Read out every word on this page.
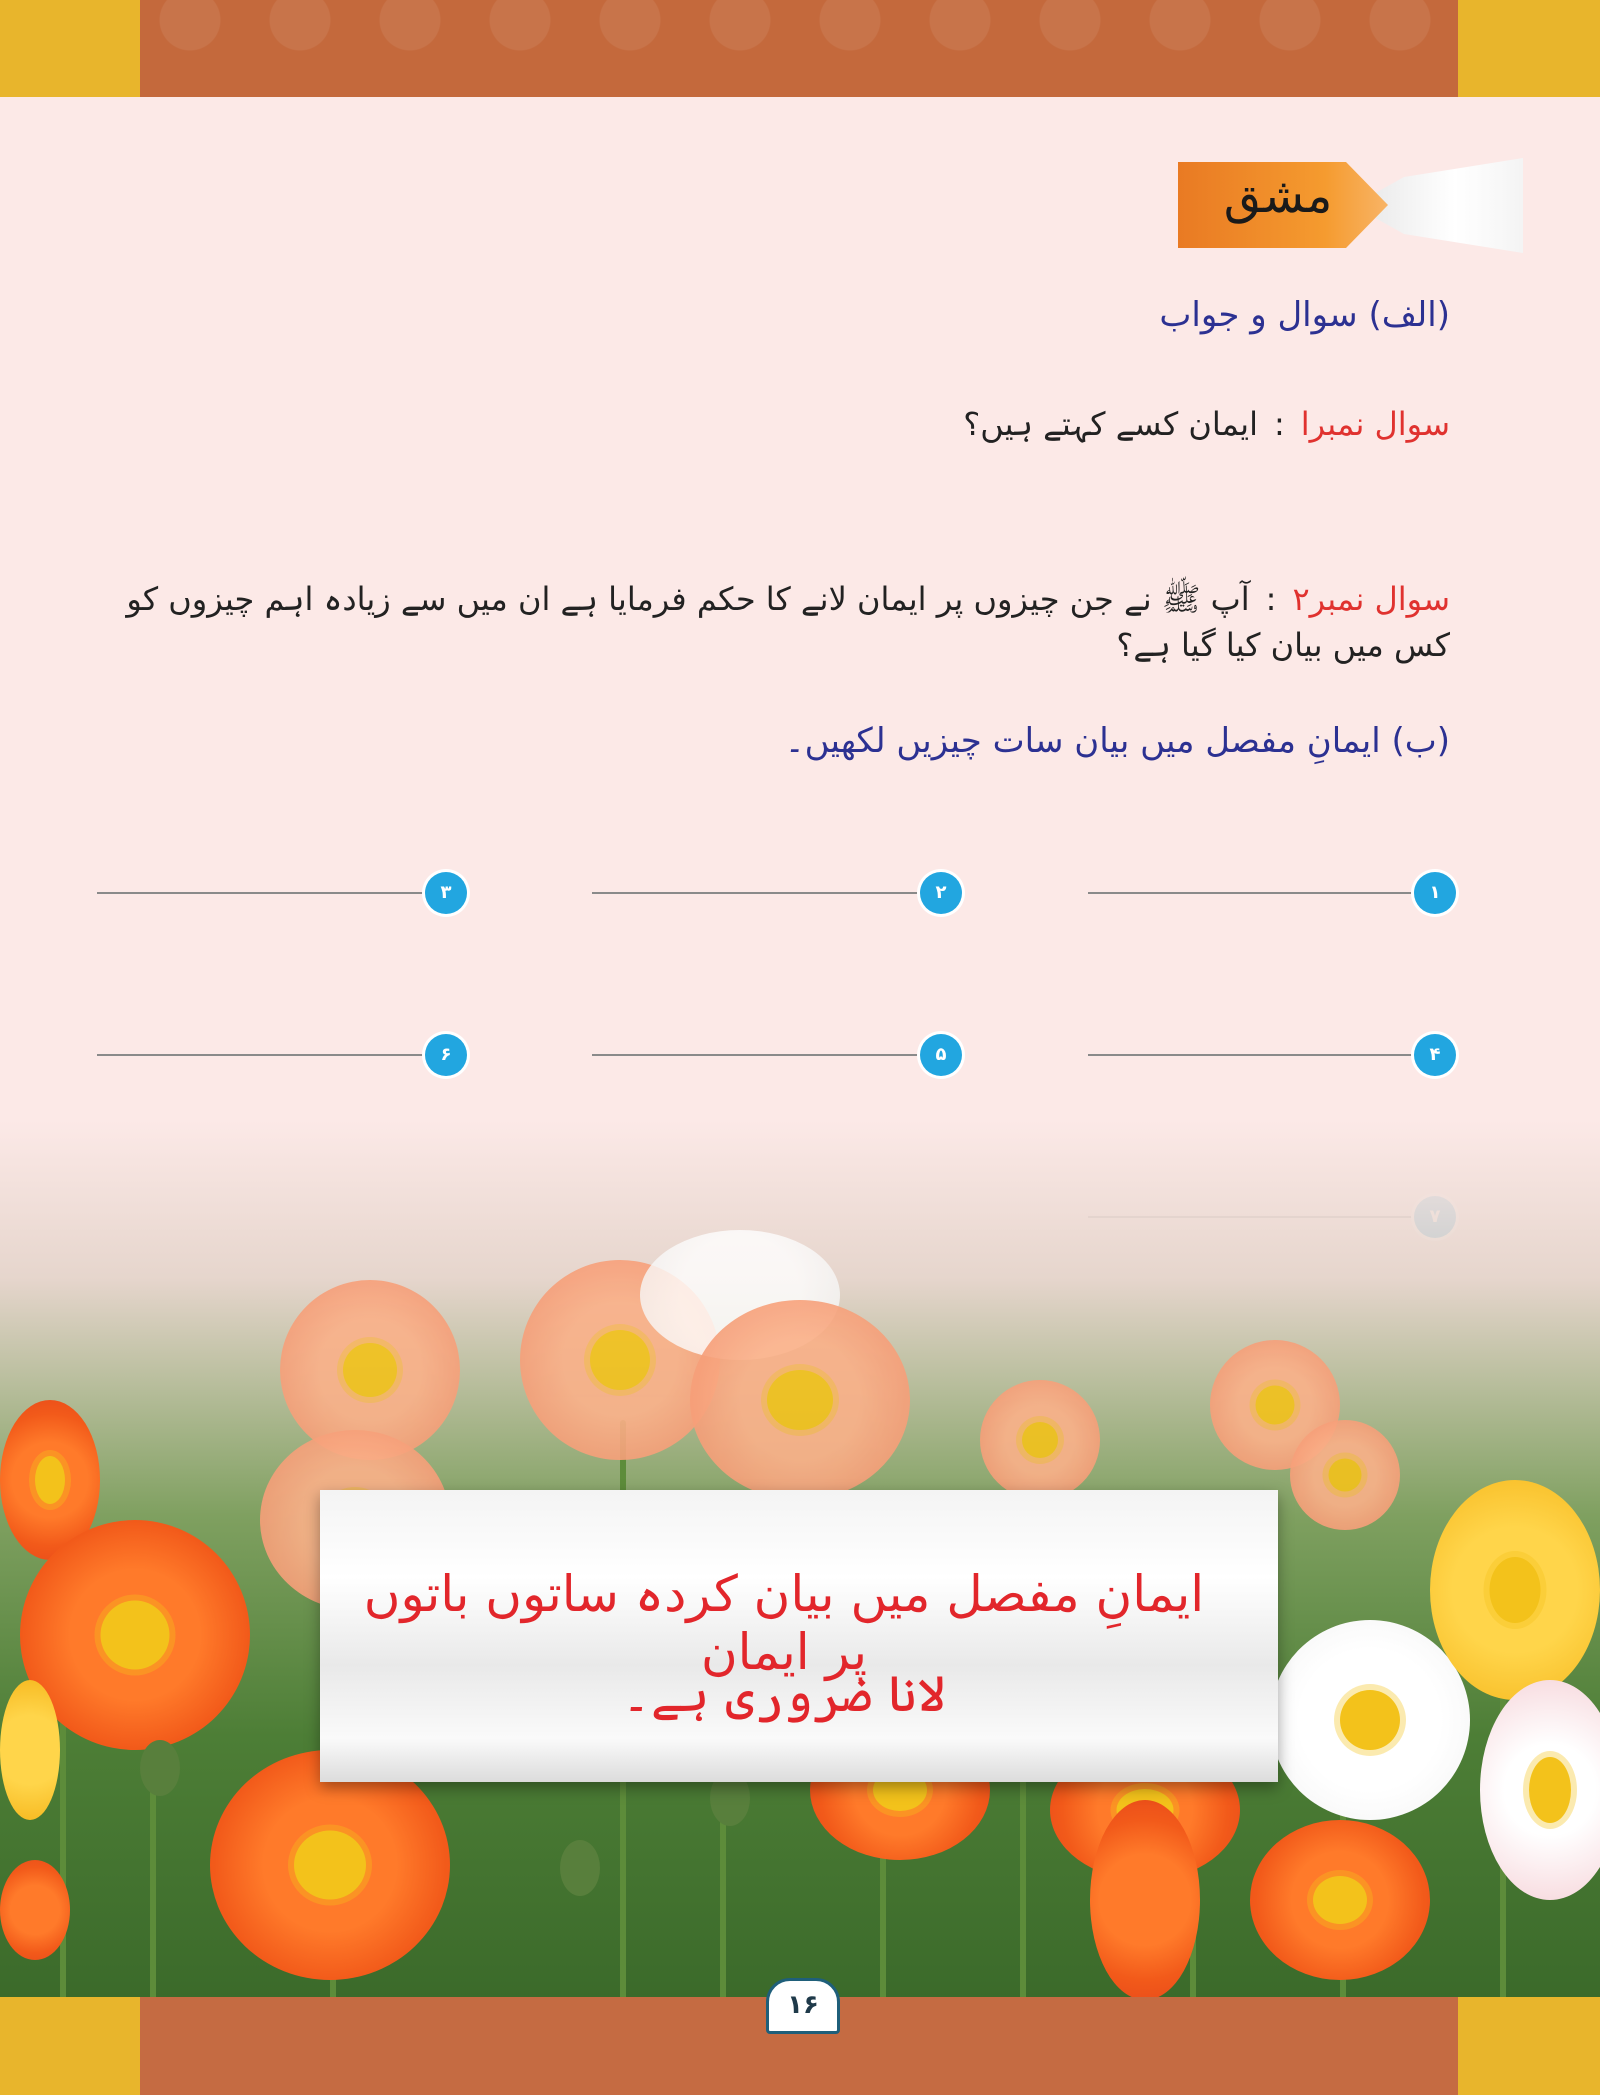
مشق
(الف) سوال و جواب
سوال نمبرا:ایمان کسے کہتے ہیں؟
سوال نمبر۲:آپ ﷺ نے جن چیزوں پر ایمان لانے کا حکم فرمایا ہے ان میں سے زیادہ اہم چیزوں کو کس میں بیان کیا گیا ہے؟
(ب) ایمانِ مفصل میں بیان سات چیزیں لکھیں۔
۱
۲
۳
۴
۵
۶
ایمانِ مفصل میں بیان کردہ ساتوں باتوں پر ایمان
لانا ضروری ہے۔
۱۶
